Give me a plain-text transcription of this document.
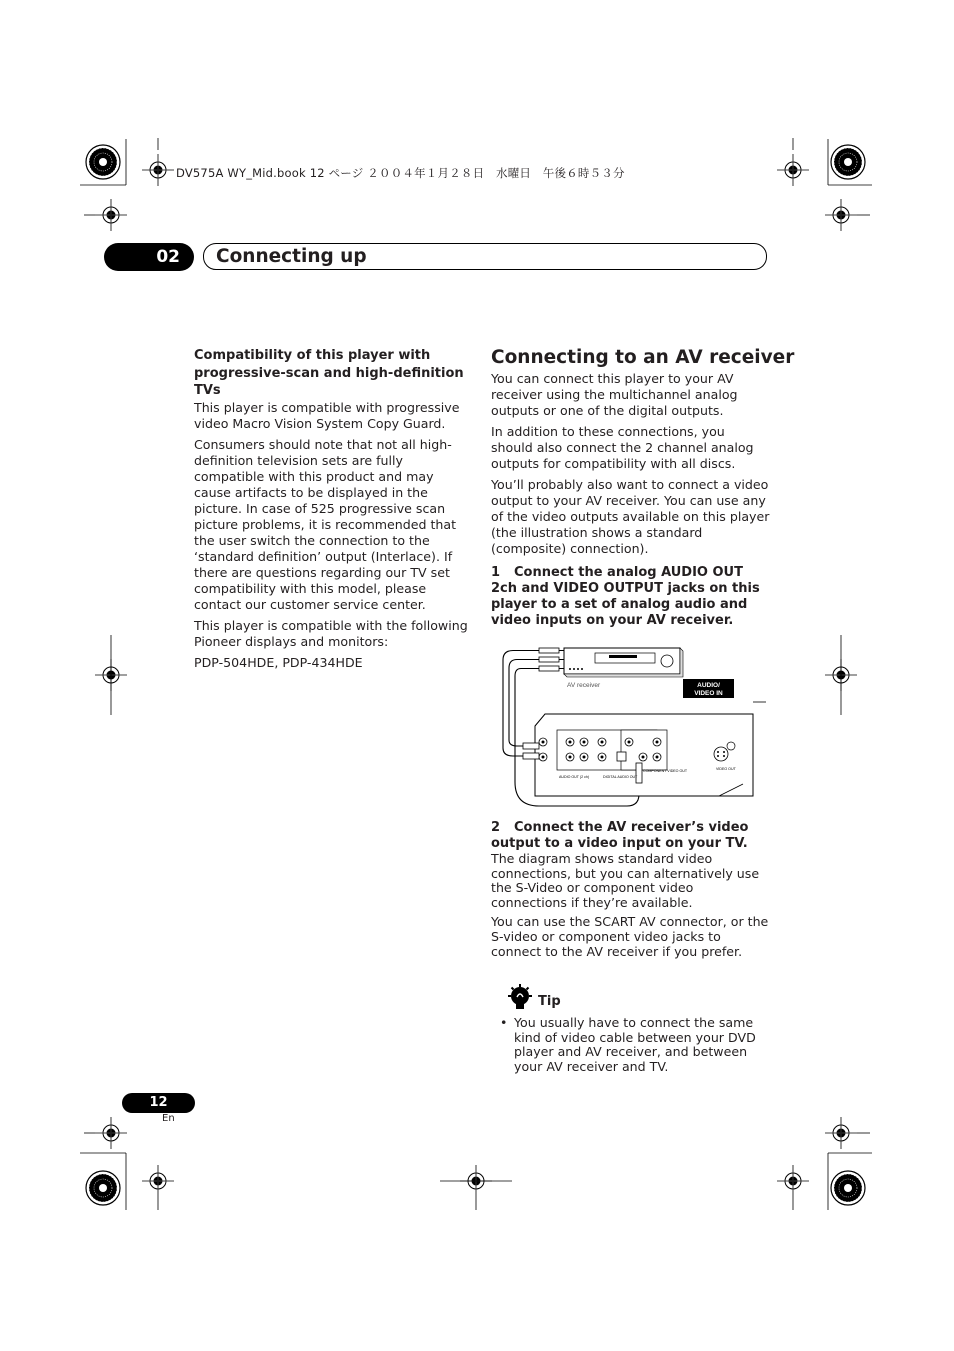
DV575A WY_Mid.book 12 ページ ２００４年１月２８日　水曜日　午後６時５３分
02	Connecting up

Compatibility of this player with progressive-scan and high-definition TVs

This player is compatible with progressive video Macro Vision System Copy Guard.

Consumers should note that not all high-definition television sets are fully compatible with this product and may cause artifacts to be displayed in the picture. In case of 525 progressive scan picture problems, it is recommended that the user switch the connection to the ‘standard definition’ output (Interlace). If there are questions regarding our TV set compatibility with this model, please contact our customer service center.

This player is compatible with the following Pioneer displays and monitors:

PDP-504HDE, PDP-434HDE

Connecting to an AV receiver

You can connect this player to your AV receiver using the multichannel analog outputs or one of the digital outputs.

In addition to these connections, you should also connect the 2 channel analog outputs for compatibility with all discs.

You’ll probably also want to connect a video output to your AV receiver. You can use any of the video outputs available on this player (the illustration shows a standard (composite) connection).

1 Connect the analog AUDIO OUT 2ch and VIDEO OUTPUT jacks on this player to a set of analog audio and video inputs on your AV receiver.

AV receiver	AUDIO/
VIDEO IN
AUDIO OUT (2 ch)	DIGITAL AUDIO OUT
COMPONENT VIDEO OUT	VIDEO OUT

2 Connect the AV receiver’s video output to a video input on your TV.

The diagram shows standard video connections, but you can alternatively use the S-Video or component video connections if they’re available.

You can use the SCART AV connector, or the S-video or component video jacks to connect to the AV receiver if you prefer.

Tip
• You usually have to connect the same kind of video cable between your DVD player and AV receiver, and between your AV receiver and TV.
12
En
